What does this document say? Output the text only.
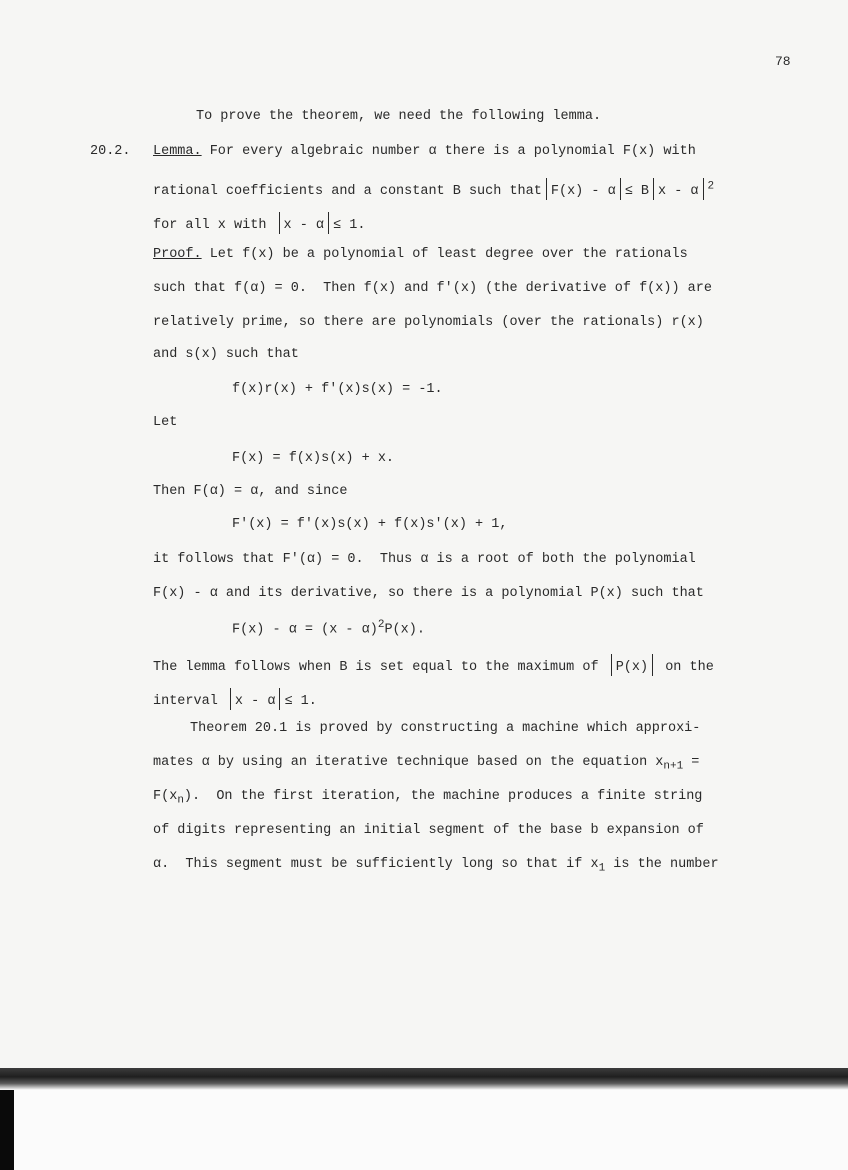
78
To prove the theorem, we need the following lemma.
20.2. Lemma. For every algebraic number α there is a polynomial F(x) with
rational coefficients and a constant B such that F(x) - α ≤ B x - α $^2$
for all x with x - α ≤ 1.
Proof. Let f(x) be a polynomial of least degree over the rationals
such that f(α) = 0.  Then f(x) and f'(x) (the derivative of f(x)) are
relatively prime, so there are polynomials (over the rationals) r(x)
and s(x) such that
f(x)r(x) + f'(x)s(x) = -1.
Let
F(x) = f(x)s(x) + x.
Then F(α) = α, and since
F'(x) = f'(x)s(x) + f(x)s'(x) + 1,
it follows that F'(α) = 0.  Thus α is a root of both the polynomial
F(x) - α and its derivative, so there is a polynomial P(x) such that
F(x) - α = (x - α)$^2$P(x).
The lemma follows when B is set equal to the maximum of P(x) on the
interval x - α ≤ 1.
Theorem 20.1 is proved by constructing a machine which approxi-
mates α by using an iterative technique based on the equation $x_{n+1}$ =
$F(x_n)$.  On the first iteration, the machine produces a finite string
of digits representing an initial segment of the base b expansion of
α.  This segment must be sufficiently long so that if $x_1$ is the number
